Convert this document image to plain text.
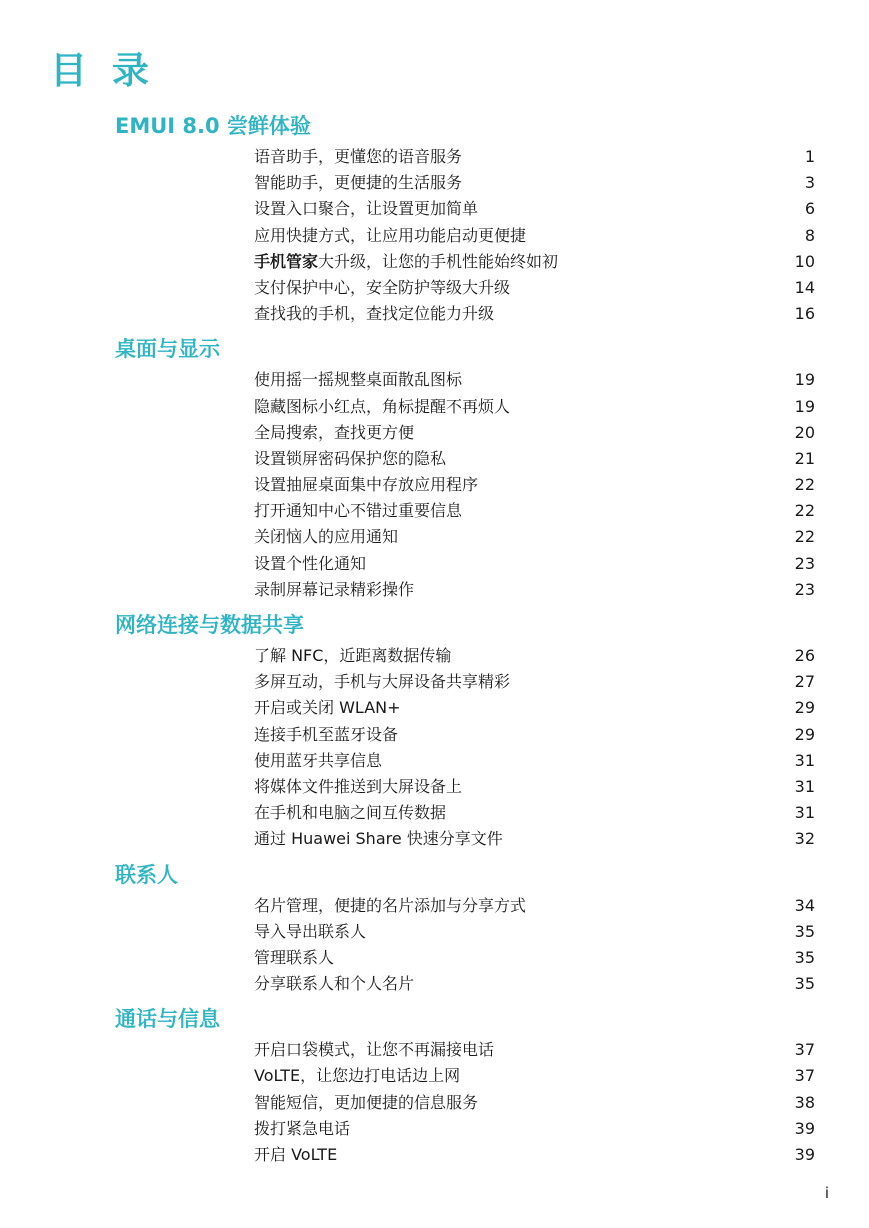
目 录
EMUI 8.0 尝鲜体验
语音助手，更懂您的语音服务	1
智能助手，更便捷的生活服务	3
设置入口聚合，让设置更加简单	6
应用快捷方式，让应用功能启动更便捷	8
手机管家大升级，让您的手机性能始终如初	10
支付保护中心，安全防护等级大升级	14
查找我的手机，查找定位能力升级	16
桌面与显示
使用摇一摇规整桌面散乱图标	19
隐藏图标小红点，角标提醒不再烦人	19
全局搜索，查找更方便	20
设置锁屏密码保护您的隐私	21
设置抽屉桌面集中存放应用程序	22
打开通知中心不错过重要信息	22
关闭恼人的应用通知	22
设置个性化通知	23
录制屏幕记录精彩操作	23
网络连接与数据共享
了解 NFC，近距离数据传输	26
多屏互动，手机与大屏设备共享精彩	27
开启或关闭 WLAN+	29
连接手机至蓝牙设备	29
使用蓝牙共享信息	31
将媒体文件推送到大屏设备上	31
在手机和电脑之间互传数据	31
通过 Huawei Share 快速分享文件	32
联系人
名片管理，便捷的名片添加与分享方式	34
导入导出联系人	35
管理联系人	35
分享联系人和个人名片	35
通话与信息
开启口袋模式，让您不再漏接电话	37
VoLTE，让您边打电话边上网	37
智能短信，更加便捷的信息服务	38
拨打紧急电话	39
开启 VoLTE	39
i
